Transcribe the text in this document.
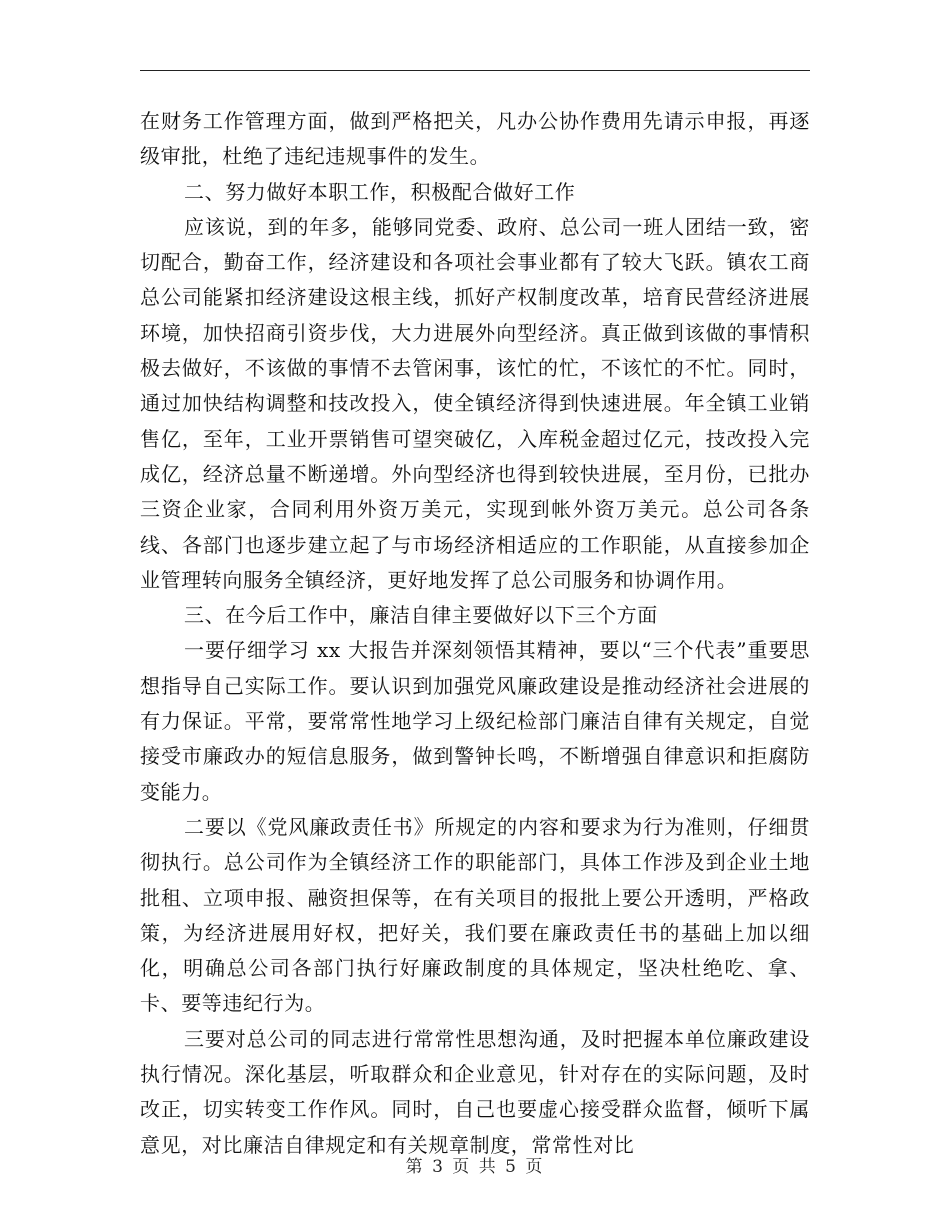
在财务工作管理方面，做到严格把关，凡办公协作费用先请示申报，再逐级审批，杜绝了违纪违规事件的发生。

二、努力做好本职工作，积极配合做好工作

应该说，到的年多，能够同党委、政府、总公司一班人团结一致，密切配合，勤奋工作，经济建设和各项社会事业都有了较大飞跃。镇农工商总公司能紧扣经济建设这根主线，抓好产权制度改革，培育民营经济进展环境，加快招商引资步伐，大力进展外向型经济。真正做到该做的事情积极去做好，不该做的事情不去管闲事，该忙的忙，不该忙的不忙。同时，通过加快结构调整和技改投入，使全镇经济得到快速进展。年全镇工业销售亿，至年，工业开票销售可望突破亿，入库税金超过亿元，技改投入完成亿，经济总量不断递增。外向型经济也得到较快进展，至月份，已批办三资企业家，合同利用外资万美元，实现到帐外资万美元。总公司各条线、各部门也逐步建立起了与市场经济相适应的工作职能，从直接参加企业管理转向服务全镇经济，更好地发挥了总公司服务和协调作用。

三、在今后工作中，廉洁自律主要做好以下三个方面

一要仔细学习 xx 大报告并深刻领悟其精神，要以“三个代表”重要思想指导自己实际工作。要认识到加强党风廉政建设是推动经济社会进展的有力保证。平常，要常常性地学习上级纪检部门廉洁自律有关规定，自觉接受市廉政办的短信息服务，做到警钟长鸣，不断增强自律意识和拒腐防变能力。

二要以《党风廉政责任书》所规定的内容和要求为行为准则，仔细贯彻执行。总公司作为全镇经济工作的职能部门，具体工作涉及到企业土地批租、立项申报、融资担保等，在有关项目的报批上要公开透明，严格政策，为经济进展用好权，把好关，我们要在廉政责任书的基础上加以细化，明确总公司各部门执行好廉政制度的具体规定，坚决杜绝吃、拿、卡、要等违纪行为。

三要对总公司的同志进行常常性思想沟通，及时把握本单位廉政建设执行情况。深化基层，听取群众和企业意见，针对存在的实际问题，及时改正，切实转变工作作风。同时，自己也要虚心接受群众监督，倾听下属意见，对比廉洁自律规定和有关规章制度，常常性对比

第 3 页 共 5 页
